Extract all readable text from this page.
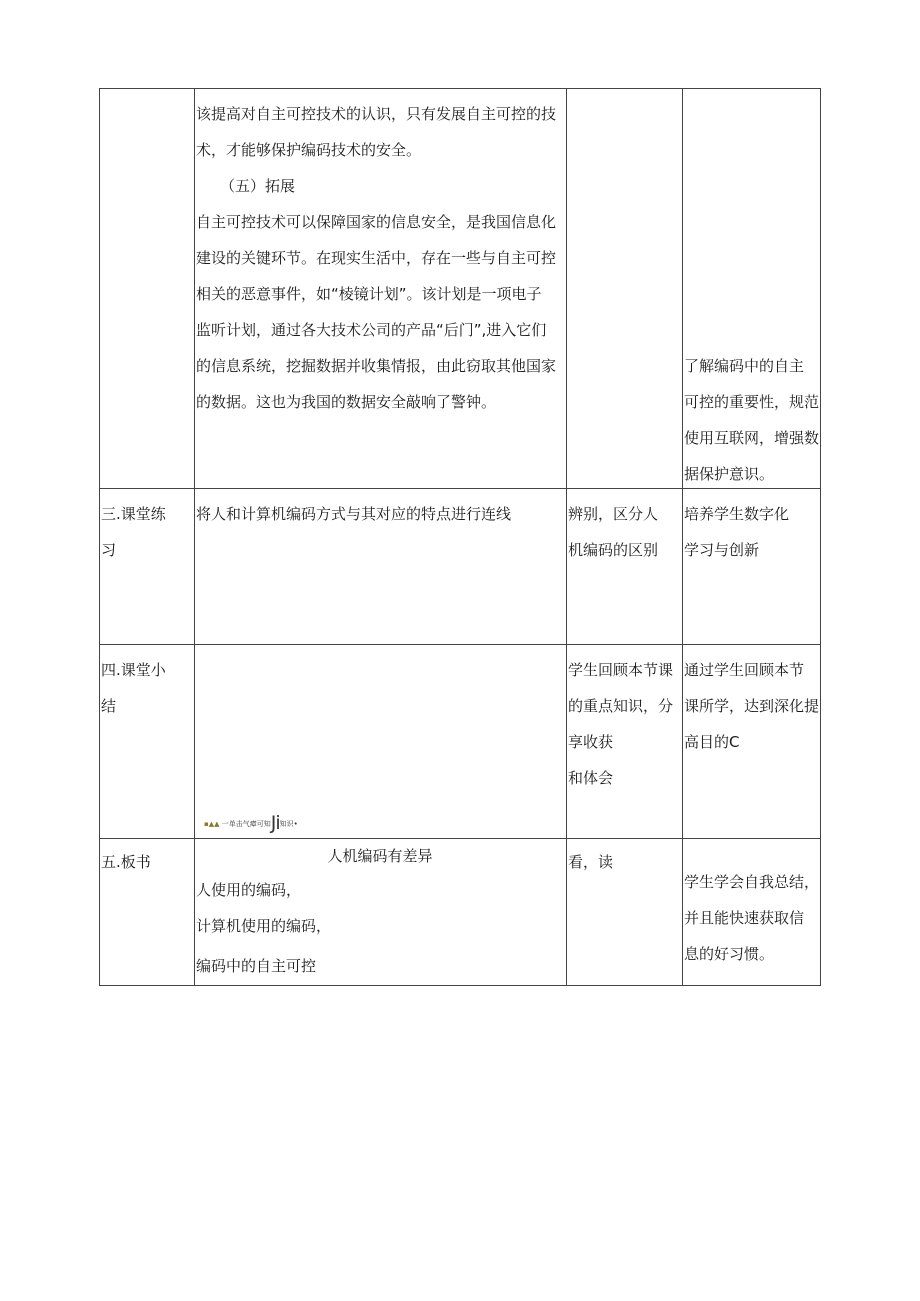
该提高对自主可控技术的认识，只有发展自主可控的技
术，才能够保护编码技术的安全。
（五）拓展
自主可控技术可以保障国家的信息安全，是我国信息化
建设的关键环节。在现实生活中，存在一些与自主可控
相关的恶意事件，如“棱镜计划”。该计划是一项电子
监听计划，通过各大技术公司的产品“后门”,进入它们
的信息系统，挖掘数据并收集情报，由此窃取其他国家
的数据。这也为我国的数据安全敲响了警钟。
了解编码中的自主
可控的重要性，规范
使用互联网，增强数
据保护意识。
三.课堂练
习
将人和计算机编码方式与其对应的特点进行连线	辨别，区分人
机编码的区别
培养学生数字化
学习与创新
四.课堂小
结
▪▲▲ 一单击气瘴可知Ji知识•
学生回顾本节课
的重点知识，分
享收获
和体会
通过学生回顾本节
课所学，达到深化提
高目的C
五.板书	人机编码有差异
人使用的编码，
计算机使用的编码，
编码中的自主可控
看，读
学生学会自我总结，
并且能快速获取信
息的好习惯。
